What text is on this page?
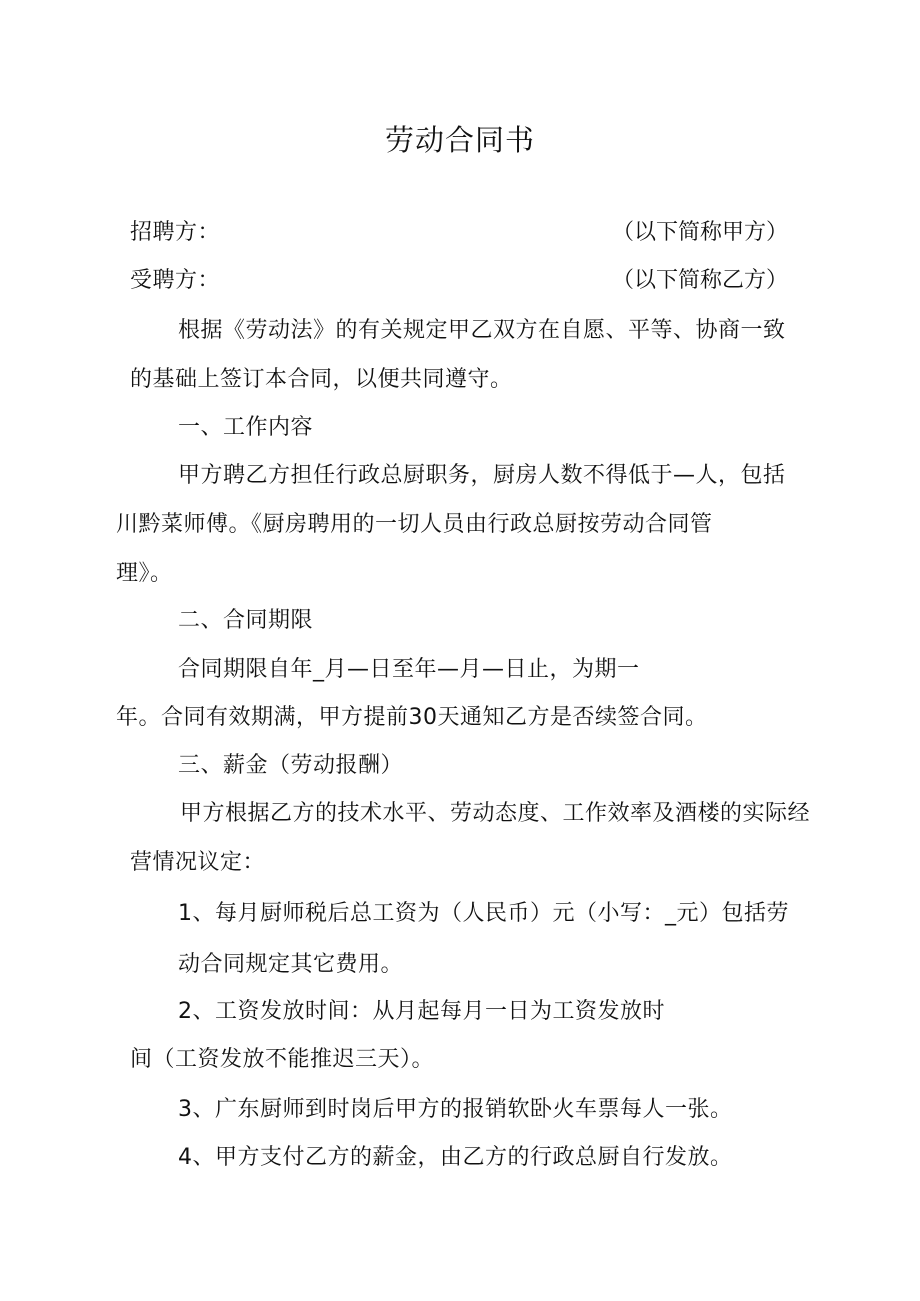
劳动合同书
招聘方：	（以下简称甲方）
受聘方：	（以下简称乙方）
根据《劳动法》的有关规定甲乙双方在自愿、平等、协商一致
的基础上签订本合同，以便共同遵守。
一、工作内容
甲方聘乙方担任行政总厨职务，厨房人数不得低于—人，包括
川黔菜师傅。《厨房聘用的一切人员由行政总厨按劳动合同管
理》。
二、合同期限
合同期限自年_月—日至年—月—日止，为期一
年。合同有效期满，甲方提前30天通知乙方是否续签合同。
三、薪金（劳动报酬）
甲方根据乙方的技术水平、劳动态度、工作效率及酒楼的实际经
营情况议定：
1、每月厨师税后总工资为（人民币）元（小写：_元）包括劳
动合同规定其它费用。
2、工资发放时间：从月起每月一日为工资发放时
间（工资发放不能推迟三天）。
3、广东厨师到时岗后甲方的报销软卧火车票每人一张。
4、甲方支付乙方的薪金，由乙方的行政总厨自行发放。
